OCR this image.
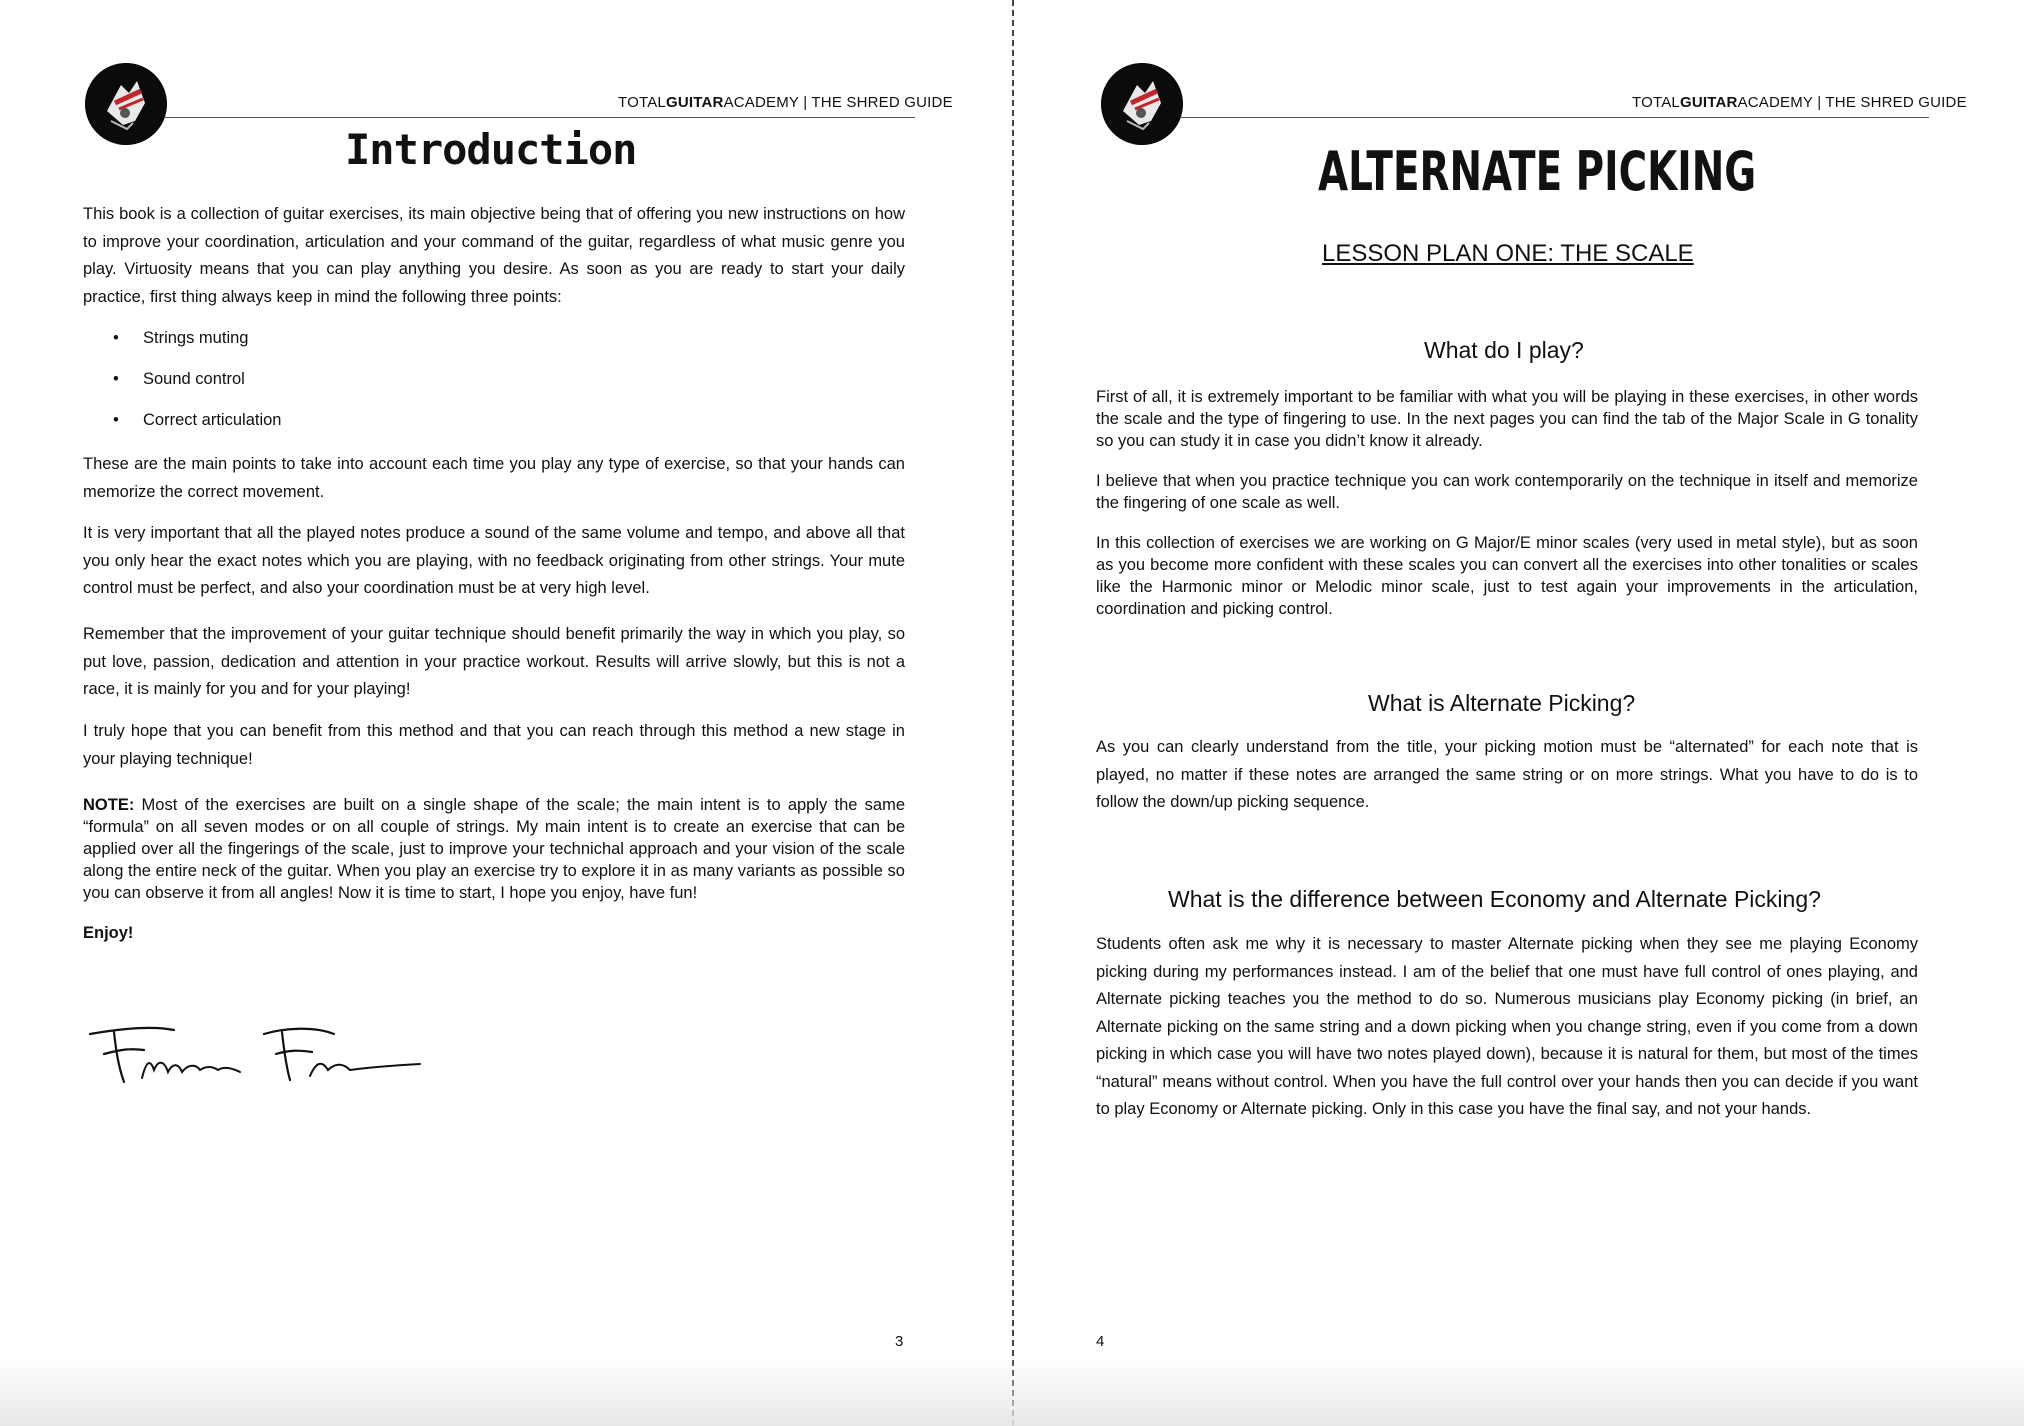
TOTALGUITARACADEMY | THE SHRED GUIDE
Introduction

This book is a collection of guitar exercises, its main objective being that of offering you new instructions on how to improve your coordination, articulation and your command of the guitar, regardless of what music genre you play. Virtuosity means that you can play anything you desire. As soon as you are ready to start your daily practice, first thing always keep in mind the following three points:

• Strings muting
• Sound control
• Correct articulation

These are the main points to take into account each time you play any type of exercise, so that your hands can memorize the correct movement.

It is very important that all the played notes produce a sound of the same volume and tempo, and above all that you only hear the exact notes which you are playing, with no feedback originating from other strings. Your mute control must be perfect, and also your coordination must be at very high level.

Remember that the improvement of your guitar technique should benefit primarily the way in which you play, so put love, passion, dedication and attention in your practice workout. Results will arrive slowly, but this is not a race, it is mainly for you and for your playing!

I truly hope that you can benefit from this method and that you can reach through this method a new stage in your playing technique!

NOTE: Most of the exercises are built on a single shape of the scale; the main intent is to apply the same “formula” on all seven modes or on all couple of strings. My main intent is to create an exercise that can be applied over all the fingerings of the scale, just to improve your technichal approach and your vision of the scale along the entire neck of the guitar. When you play an exercise try to explore it in as many variants as possible so you can observe it from all angles! Now it is time to start, I hope you enjoy, have fun!

Enjoy!

3
TOTALGUITARACADEMY | THE SHRED GUIDE
ALTERNATE PICKING
LESSON PLAN ONE: THE SCALE
What do I play?

First of all, it is extremely important to be familiar with what you will be playing in these exercises, in other words the scale and the type of fingering to use. In the next pages you can find the tab of the Major Scale in G tonality so you can study it in case you didn’t know it already.

I believe that when you practice technique you can work contemporarily on the technique in itself and memorize the fingering of one scale as well.

In this collection of exercises we are working on G Major/E minor scales (very used in metal style), but as soon as you become more confident with these scales you can convert all the exercises into other tonalities or scales like the Harmonic minor or Melodic minor scale, just to test again your improvements in the articulation, coordination and picking control.

What is Alternate Picking?

As you can clearly understand from the title, your picking motion must be “alternated” for each note that is played, no matter if these notes are arranged the same string or on more strings. What you have to do is to follow the down/up picking sequence.

What is the difference between Economy and Alternate Picking?

Students often ask me why it is necessary to master Alternate picking when they see me playing Economy picking during my performances instead. I am of the belief that one must have full control of ones playing, and Alternate picking teaches you the method to do so. Numerous musicians play Economy picking (in brief, an Alternate picking on the same string and a down picking when you change string, even if you come from a down picking in which case you will have two notes played down), because it is natural for them, but most of the times “natural” means without control. When you have the full control over your hands then you can decide if you want to play Economy or Alternate picking. Only in this case you have the final say, and not your hands.

4
